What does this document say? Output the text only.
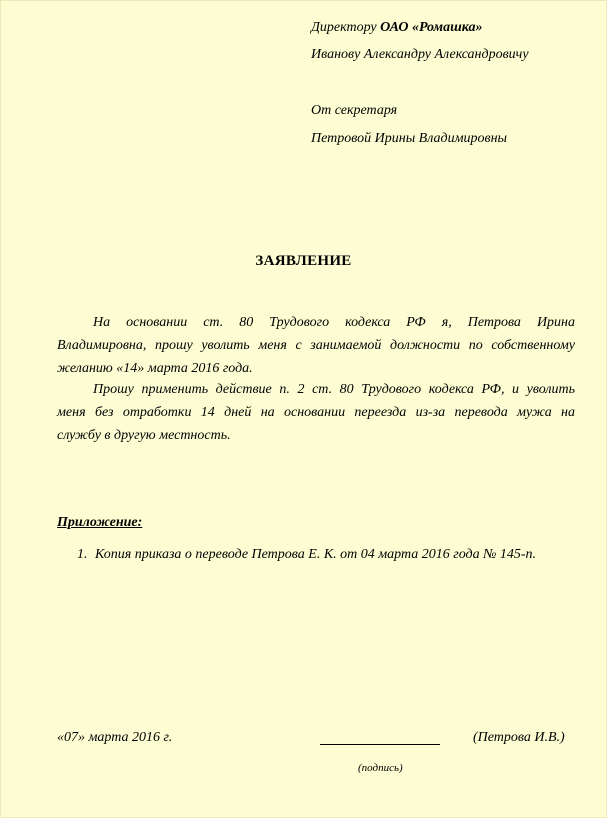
Директору ОАО «Ромашка»
Иванову Александру Александровичу
От секретаря
Петровой Ирины Владимировны
ЗАЯВЛЕНИЕ
На основании ст. 80 Трудового кодекса РФ я, Петрова Ирина
Владимировна, прошу уволить меня с занимаемой должности по собственному
желанию «14» марта 2016 года.
Прошу применить действие п. 2 ст. 80 Трудового кодекса РФ, и уволить
меня без отработки 14 дней на основании переезда из-за перевода мужа на
службу в другую местность.
Приложение:
1. Копия приказа о переводе Петрова Е. К. от 04 марта 2016 года № 145-п.
«07» марта 2016 г.	(Петрова И.В.)
(подпись)
